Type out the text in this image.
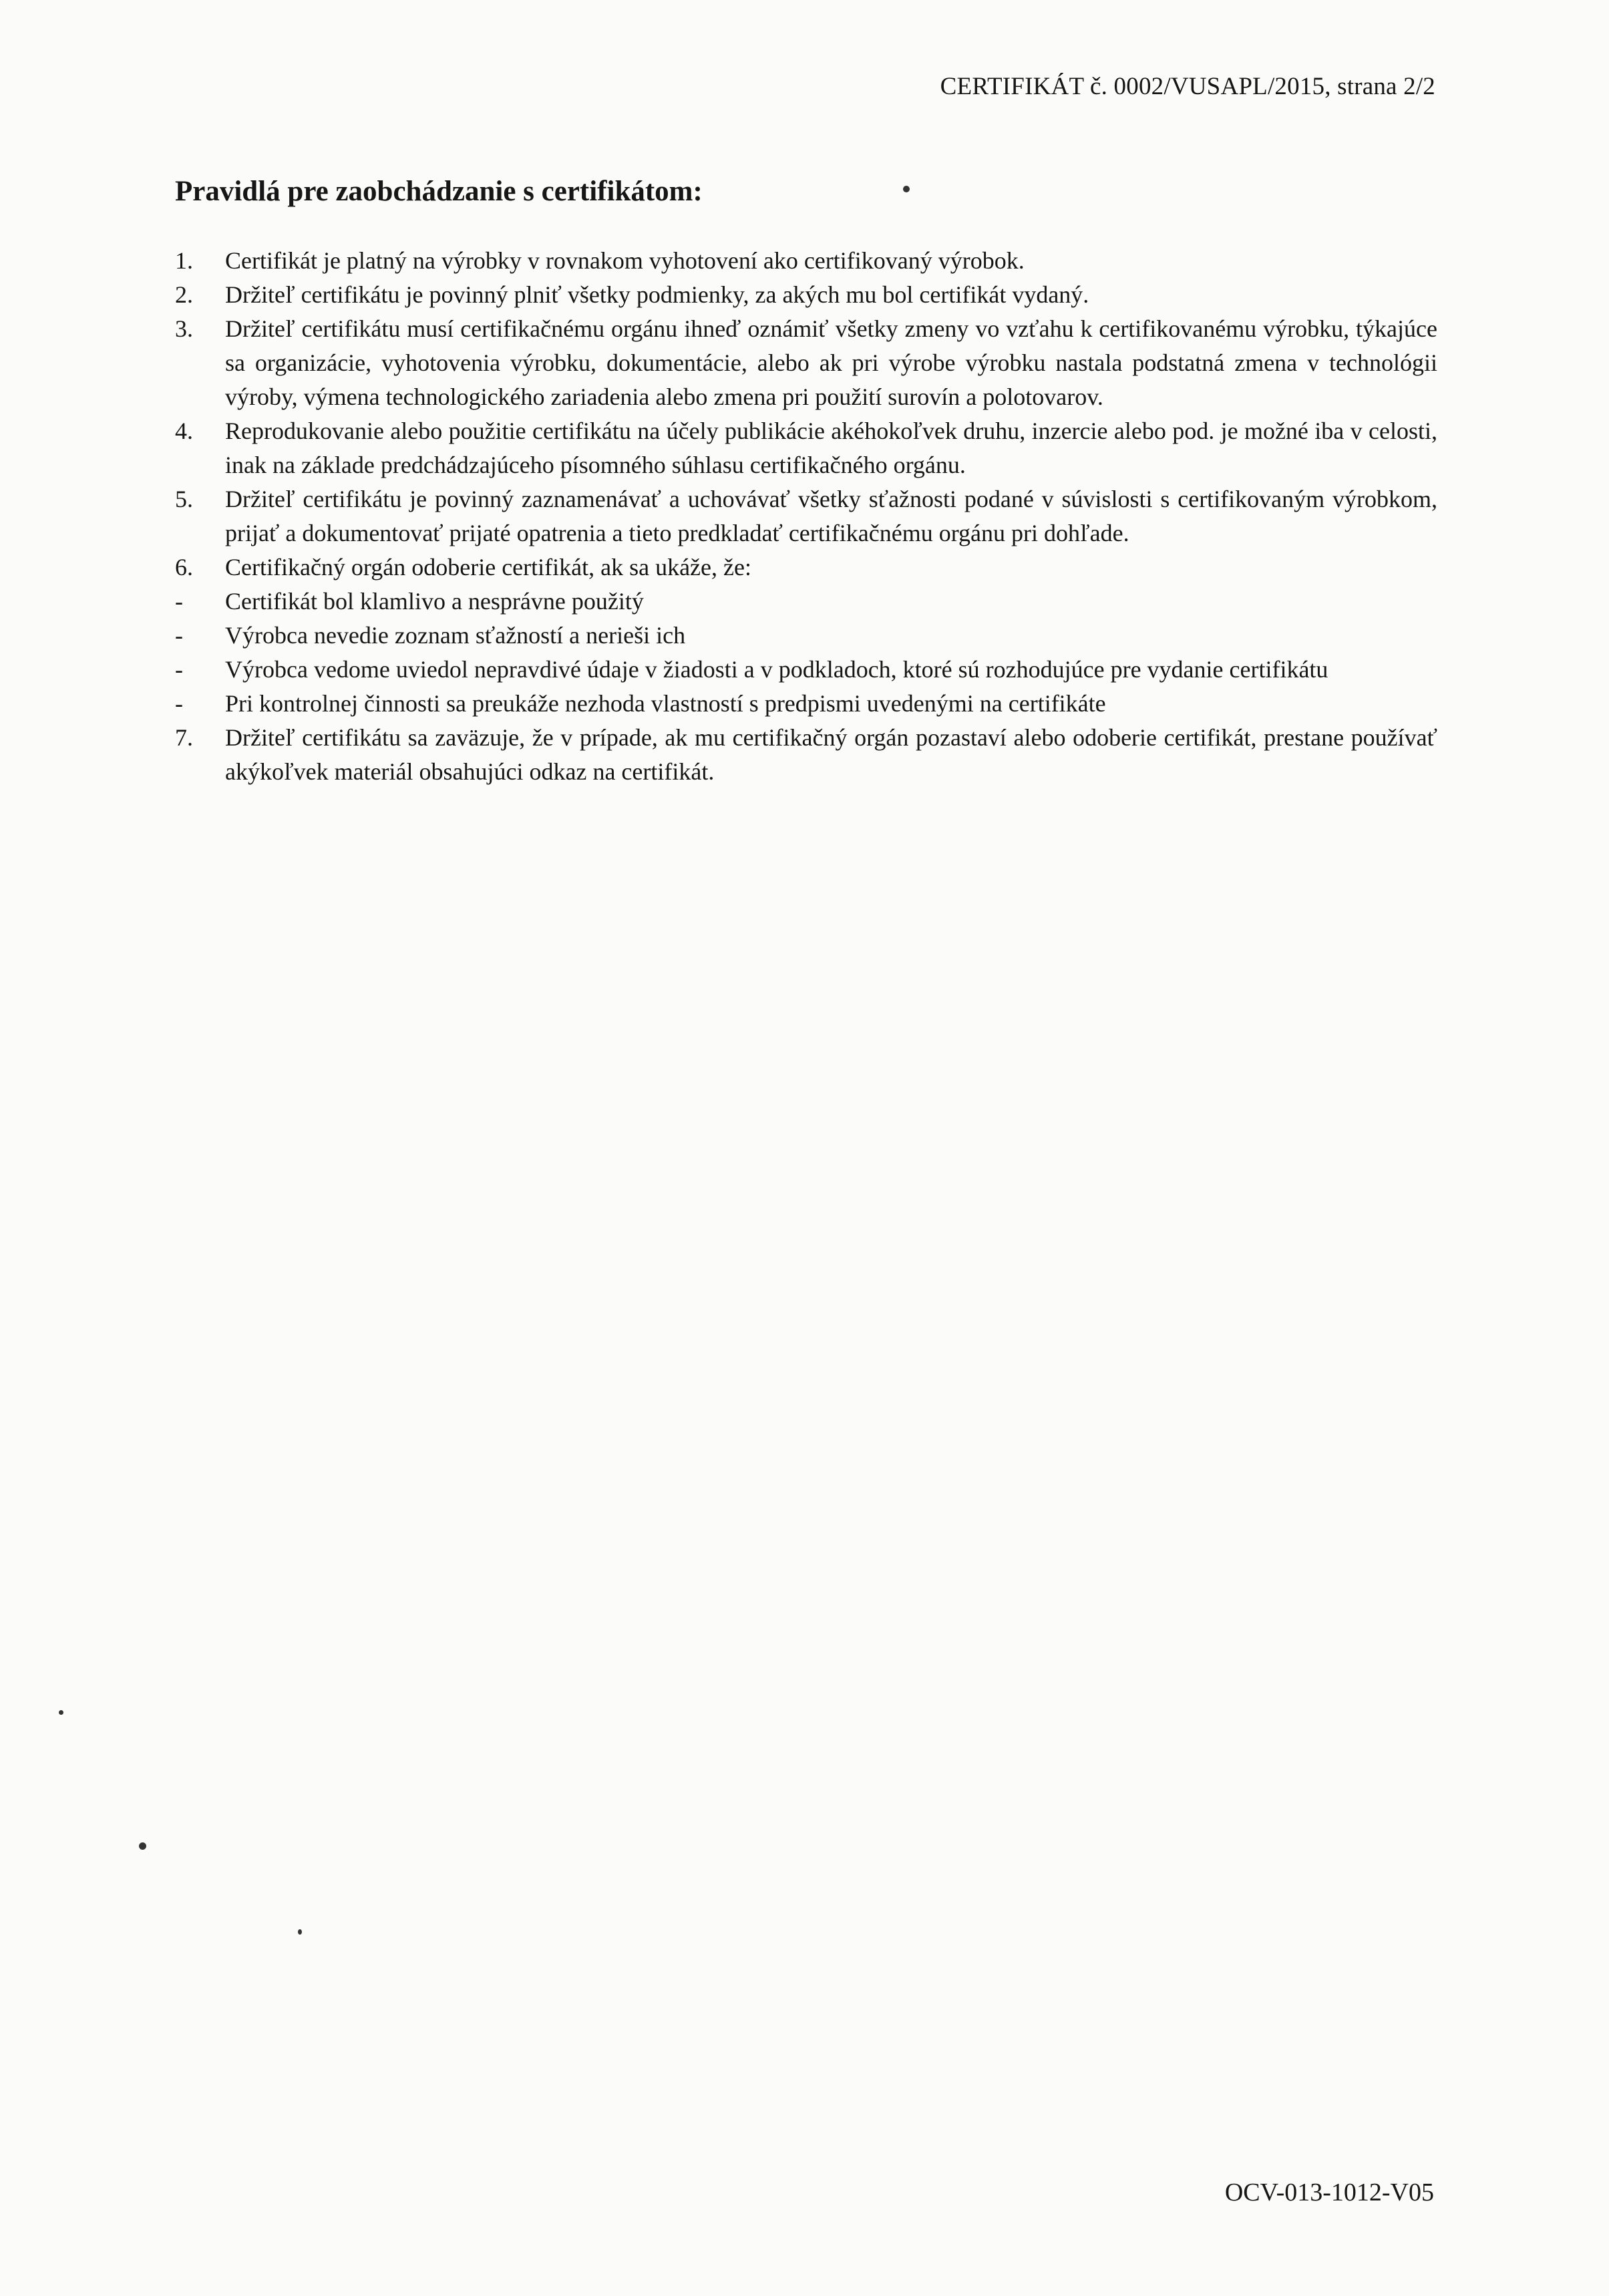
CERTIFIKÁT č. 0002/VUSAPL/2015, strana 2/2
Pravidlá pre zaobchádzanie s certifikátom:
1.	Certifikát je platný na výrobky v rovnakom vyhotovení ako certifikovaný výrobok.
2.	Držiteľ certifikátu je povinný plniť všetky podmienky, za akých mu bol certifikát vydaný.
3.	Držiteľ certifikátu musí certifikačnému orgánu ihneď oznámiť všetky zmeny vo vzťahu k certifikovanému výrobku, týkajúce sa organizácie, vyhotovenia výrobku, dokumentácie, alebo ak pri výrobe výrobku nastala podstatná zmena v technológii výroby, výmena technologického zariadenia alebo zmena pri použití surovín a polotovarov.
4.	Reprodukovanie alebo použitie certifikátu na účely publikácie akéhokoľvek druhu, inzercie alebo pod. je možné iba v celosti, inak na základe predchádzajúceho písomného súhlasu certifikačného orgánu.
5.	Držiteľ certifikátu je povinný zaznamenávať a uchovávať všetky sťažnosti podané v súvislosti s certifikovaným výrobkom, prijať a dokumentovať prijaté opatrenia a tieto predkladať certifikačnému orgánu pri dohľade.
6.	Certifikačný orgán odoberie certifikát, ak sa ukáže, že:
-	Certifikát bol klamlivo a nesprávne použitý
-	Výrobca nevedie zoznam sťažností a nerieši ich
-	Výrobca vedome uviedol nepravdivé údaje v žiadosti a v podkladoch, ktoré sú rozhodujúce pre vydanie certifikátu
-	Pri kontrolnej činnosti sa preukáže nezhoda vlastností s predpismi uvedenými na certifikáte
7.	Držiteľ certifikátu sa zaväzuje, že v prípade, ak mu certifikačný orgán pozastaví alebo odoberie certifikát, prestane používať akýkoľvek materiál obsahujúci odkaz na certifikát.
OCV-013-1012-V05
